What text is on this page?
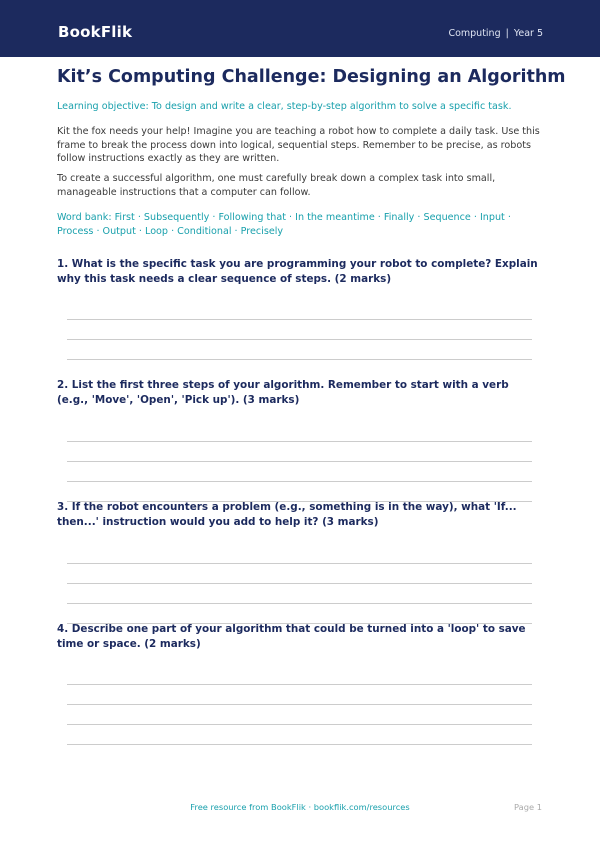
BookFlik	Computing | Year 5
Kit’s Computing Challenge: Designing an Algorithm
Learning objective: To design and write a clear, step-by-step algorithm to solve a specific task.
Kit the fox needs your help! Imagine you are teaching a robot how to complete a daily task. Use this frame to break the process down into logical, sequential steps. Remember to be precise, as robots follow instructions exactly as they are written.
To create a successful algorithm, one must carefully break down a complex task into small, manageable instructions that a computer can follow.
Word bank: First · Subsequently · Following that · In the meantime · Finally · Sequence · Input · Process · Output · Loop · Conditional · Precisely
1. What is the specific task you are programming your robot to complete? Explain why this task needs a clear sequence of steps. (2 marks)
2. List the first three steps of your algorithm. Remember to start with a verb (e.g., 'Move', 'Open', 'Pick up'). (3 marks)
3. If the robot encounters a problem (e.g., something is in the way), what 'If... then...' instruction would you add to help it? (3 marks)
4. Describe one part of your algorithm that could be turned into a 'loop' to save time or space. (2 marks)
Free resource from BookFlik · bookflik.com/resources	Page 1
